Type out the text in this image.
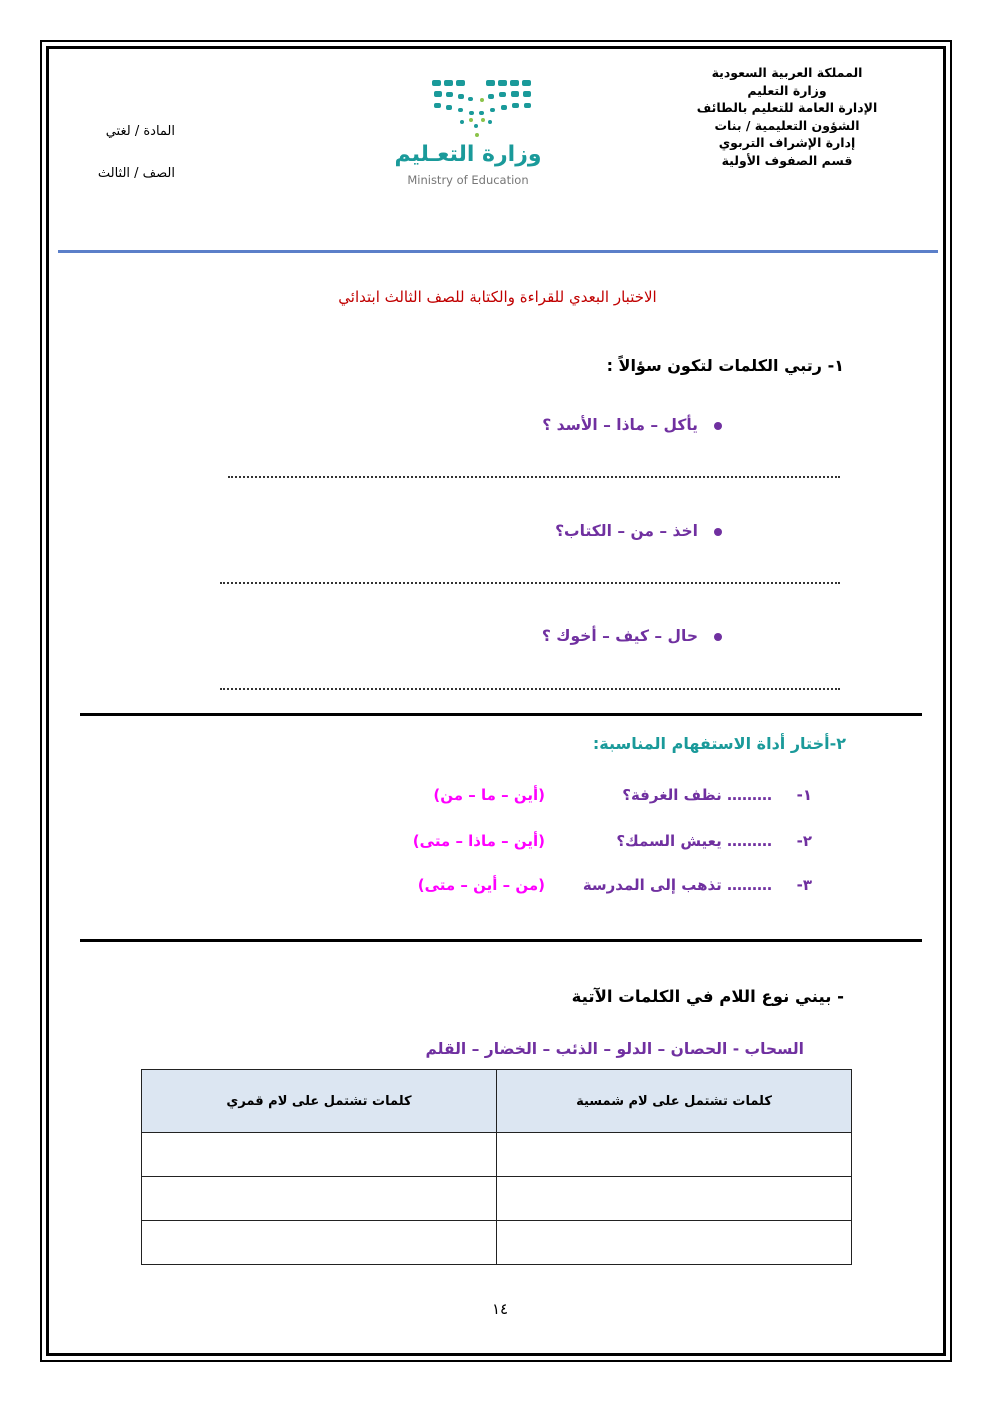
المملكة العربية السعودية
وزارة التعليم
الإدارة العامة للتعليم بالطائف
الشؤون التعليمية / بنات
إدارة الإشراف التربوي
قسم الصفوف الأولية
المادة / لغتي
الصف / الثالث
وزارة التعـليم
Ministry of Education
الاختبار البعدي للقراءة والكتابة للصف الثالث ابتدائي
١- رتبي الكلمات لتكون سؤالاً :
يأكل – ماذا – الأسد ؟
اخذ – من – الكتاب؟
حال – كيف – أخوك ؟
٢-أختار أداة الاستفهام المناسبة:
١-
……… نظف الغرفة؟
(أين – ما – من)
٢-
……… يعيش السمك؟
(أين – ماذا – متى)
٣-
……… تذهب إلى المدرسة
(من – أين – متى)
- بيني نوع اللام في الكلمات الآتية
السحاب - الحصان – الدلو – الذئب – الخضار – القلم
كلمات تشتمل على لام شمسية	كلمات تشتمل على لام قمري

١٤
